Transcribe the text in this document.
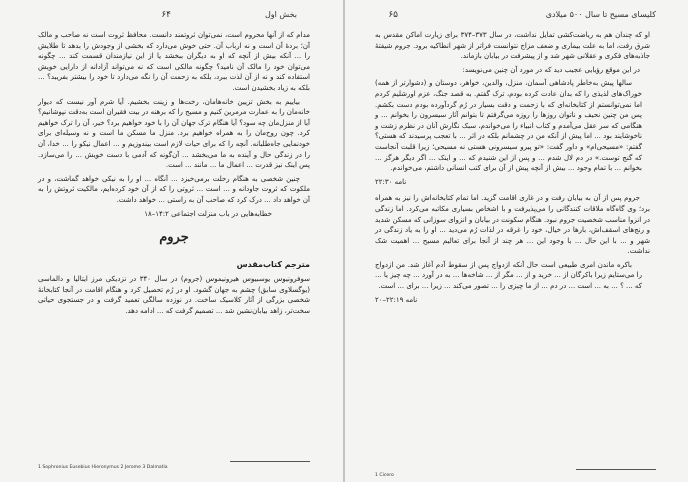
بخش اول
۶۴

مدام که از آنها محروم است، نمی‌توان ثروتمند دانست. محافظ ثروت است نه صاحب و مالک آن؛ بردۀ آن است و نه ارباب آن. حتی خوش می‌دارد که بخشی از وجودش را بدهد تا طلایش را ... آنکه بیش از آنچه که او به دیگران ببخشد یا از این نیازمندان قسمت کند ... چگونه می‌توان خود را مالک آن نامید؟ چگونه مالکی است که نه می‌تواند آزادانه از دارایی خویش استفاده کند و نه از آن لذت ببرد، بلکه به زحمت آن را نگه می‌دارد تا خود را بیشتر بفریبد؟ ... بلکه به زیاد بخشیدن است.

بیاییم به بخش تزیین خانه‌هامان، رخت‌ها و زینت بخشیم. آیا شرم آور نیست که دیوار خانه‌مان را به عمارت مرمرین کنیم و مسیح را که برهنه در بیت فقیران است به‌دقت نپوشانیم؟ آیا از منزل‌مان چه سود؟ آیا هنگام ترک جهان آن را با خود خواهیم برد؟ خیر، آن را ترک خواهیم کرد. چون روح‌مان را به همراه خواهیم برد. منزل ما مسکن ما است و نه وسیله‌ای برای خودنمایی جاه‌طلبانه. آنچه را که برای حیات لازم است بیندوزیم و ... اعمال نیکو را ... خدا، آن را در زندگی حال و آینده به ما می‌بخشد ... آن‌گونه که آدمی با دست خویش ... را می‌سازد. پس اینک نیز قدرت ... اعمال ما ... مانند ... است.

چنین شخصی به هنگام رحلت برمی‌خیزد ... آنگاه ... او را به نیکی خواهد گماشت، و در ملکوت که ثروت جاودانه و ... است ... ثروتی را که از آن خود کرده‌ایم، مالکیت ثروتش را به آن خواهد داد ... درک کرد که صاحب آن به راستی ... خواهد داشت.

خطابه‌هایی در باب منزلت اجتماعی ۱۴:۲–۱۸
جروم
مترجم کتاب‌مقدس

سوفرونیوس یوسبیوس هیرونیموس (جروم) در سال ۳۴۰ در نزدیکی مرز ایتالیا و دالماسی (یوگسلاوی سابق) چشم به جهان گشود. او در رُم تحصیل کرد و هنگام اقامت در آنجا کتابخانۀ شخصی بزرگی از آثار کلاسیک ساخت. در نوزده سالگی تعمید گرفت و در جستجوی حیاتی سخت‌تر، زاهد بیابان‌نشین شد ... تصمیم گرفت که ... ادامه دهد.

1 Sophronius Eusebius Hieronymus 2 Jerome 3 Dalmatia
۶۵	کلیسای مسیح تا سال ۵۰۰ میلادی

او که چندان هم به ریاضت‌کشی تمایل نداشت، در سال ۳۷۳–۳۷۴ برای زیارت اماکن مقدس به شرق رفت، اما به علت بیماری و ضعف مزاج نتوانست فراتر از شهر انطاکیه برود. جروم شیفتۀ جاذبه‌های فکری و عقلانی شهر شد و از پیشرفت در بیابان بازماند.

در این موقع رؤیایی عجیب دید که در مورد آن چنین می‌نویسد:

سالها پیش به‌خاطر پادشاهی آسمان، منزل، والدین، خواهر، دوستان و (دشوارتر از همه) خوراک‌های لذیذی را که بدان عادت کرده بودم، ترک گفتم. به قصد جنگ، عزم اورشلیم کردم اما نمی‌توانستم از کتابخانه‌ای که با زحمت و دقت بسیار در رُم گردآورده بودم دست بکشم. پس من چنین نحیف و ناتوان روزها را روزه می‌گرفتم تا بتوانم آثار سیسرون را بخوانم ... و هنگامی که سر عقل می‌آمدم و کتاب انبیاء را می‌خواندم، سبک نگارش آنان در نظرم زشت و ناخوشایند بود ... اما پیش از آنکه من در چشمانم بلکه در اثر ... با تعجب پرسیدند که هستی؟ گفتم: «مسیحی‌ام» و داور گفت: «تو پیرو سیسرونی هستی نه مسیحی؛ زیرا قلبت آنجاست که گنج توست.» در دم لال شدم ... و پس از این شنیدم که ... و اینک ... اگر دیگر هرگز ... بخوانم ... با تمام وجود ... بیش از آنچه پیش از آن برای کتب انسانی داشتم، می‌خواندم.

نامه ۲۲:۳۰

جروم پس از آن به بیابان رفت و در غاری اقامت گزید. اما تمام کتابخانه‌اش را نیز به همراه برد؛ وی گاه‌گاه ملاقات کنندگانی را می‌پذیرفت و با اشخاص بسیاری مکاتبه می‌کرد. اما زندگی در انزوا مناسب شخصیت جروم نبود. هنگام سکونت در بیابان و انزوای سوزانی که مسکن شدید و رنج‌های اسقف‌اش، بارها در خیال، خود را غرقه در لذات رُم می‌دید ... او را به یاد زندگی در شهر و ... با این حال ... با وجود این ... هر چند از آنجا برای تعالیم مسیح ... اهمیت شک نداشت.

باکره ماندن امری طبیعی است حال آنکه ازدواج پس از سقوط آدم آغاز شد. من ازدواج را می‌ستایم زیرا باکرگان از ... خرید و از ... مگر از ... شاخه‌ها ... به در آورد ... چه چیز یا ... که ... ؟ ... به ... است ... در دم ... از ما چیزی را ... تصور می‌کند ... زیرا ... برای ... است.

نامه ۲۲:۱۹–۲۰
1 Cicero
